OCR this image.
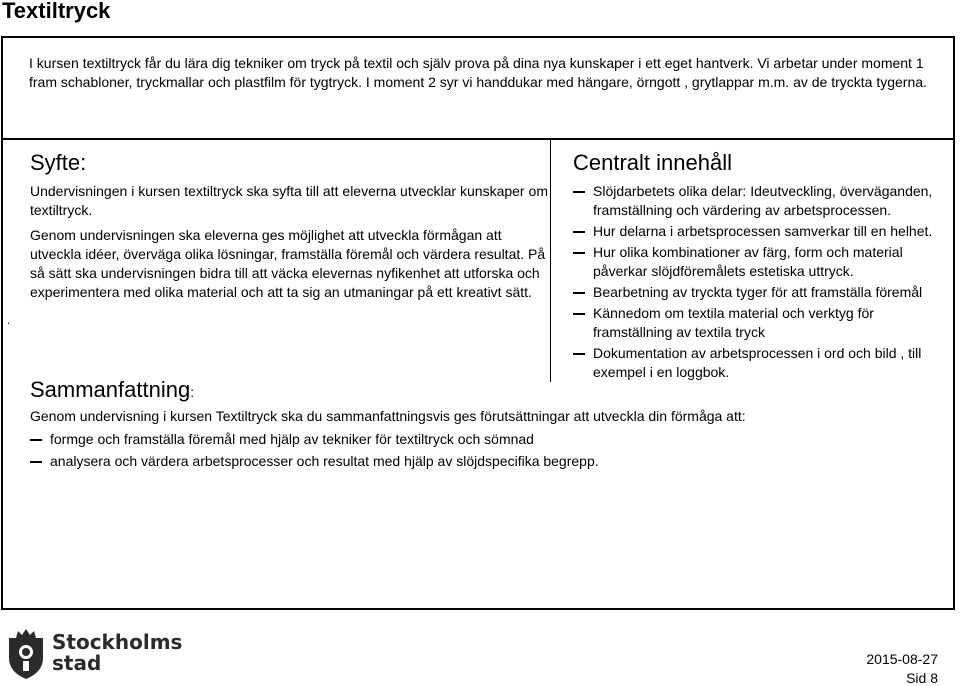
Textiltryck

I kursen textiltryck får du lära dig tekniker om tryck på textil och själv prova på dina nya kunskaper i ett eget hantverk. Vi arbetar under moment 1 fram schabloner, tryckmallar och plastfilm för tygtryck. I moment 2 syr vi handdukar med hängare, örngott , grytlappar m.m. av de tryckta tygerna.

.
Syfte:

Undervisningen i kursen textiltryck ska syfta till att eleverna utvecklar kunskaper om textiltryck.

Genom undervisningen ska eleverna ges möjlighet att utveckla förmågan att utveckla idéer, överväga olika lösningar, framställa föremål och värdera resultat. På så sätt ska undervisningen bidra till att väcka elevernas nyfikenhet att utforska och experimentera med olika material och att ta sig an utmaningar på ett kreativt sätt.

Centralt innehåll
Slöjdarbetets olika delar: Ideutveckling, överväganden, framställning och värdering av arbetsprocessen.
Hur delarna i arbetsprocessen samverkar till en helhet.
Hur olika kombinationer av färg, form och material påverkar slöjdföremålets estetiska uttryck.
Bearbetning av tryckta tyger för att framställa föremål
Kännedom om textila material och verktyg för framställning av textila tryck
Dokumentation av arbetsprocessen i ord och bild , till exempel i en loggbok.
Sammanfattning:

Genom undervisning i kursen Textiltryck ska du sammanfattningsvis ges förutsättningar att utveckla din förmåga att:

formge och framställa föremål med hjälp av tekniker för textiltryck och sömnad
analysera och värdera arbetsprocesser och resultat med hjälp av slöjdspecifika begrepp.
Stockholms
stad	2015-08-27
Sid 8
